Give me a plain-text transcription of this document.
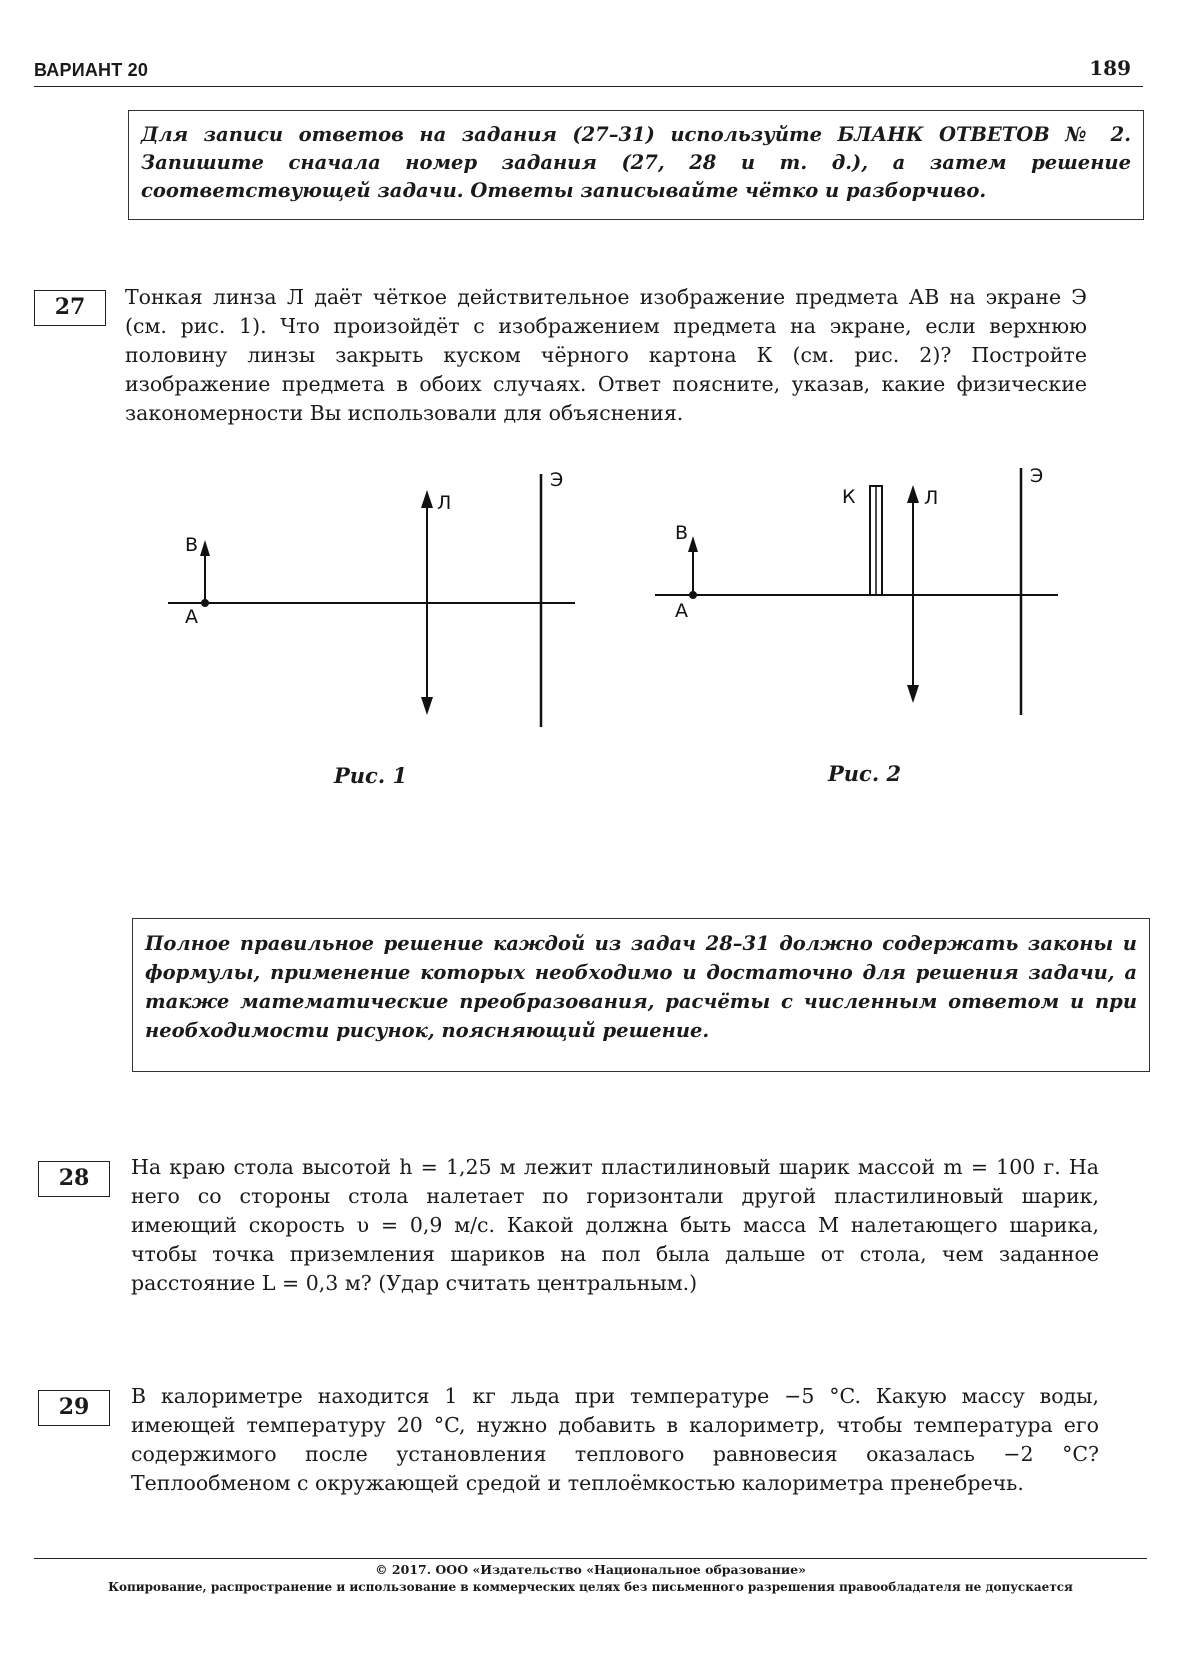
ВАРИАНТ 20	189
Для записи ответов на задания (27–31) используйте БЛАНК ОТВЕТОВ № 2. Запишите сначала номер задания (27, 28 и т. д.), а затем решение соответствующей задачи. Ответы записывайте чётко и разборчиво.
27	Тонкая линза Л даёт чёткое действительное изображение предмета АВ на экране Э (см. рис. 1). Что произойдёт с изображением предмета на экране, если верхнюю половину линзы закрыть куском чёрного картона К (см. рис. 2)? Постройте изображение предмета в обоих случаях. Ответ поясните, указав, какие физические закономерности Вы использовали для объяснения.
В
А
Л
Э
В
А
К	Л
Э
Рис. 1	Рис. 2
Полное правильное решение каждой из задач 28–31 должно содержать законы и формулы, применение которых необходимо и достаточно для решения задачи, а также математические преобразования, расчёты с численным ответом и при необходимости рисунок, поясняющий решение.
28	На краю стола высотой h = 1,25 м лежит пластилиновый шарик массой m = 100 г. На него со стороны стола налетает по горизонтали другой пластилиновый шарик, имеющий скорость υ = 0,9 м/с. Какой должна быть масса M налетающего шарика, чтобы точка приземления шариков на пол была дальше от стола, чем заданное расстояние L = 0,3 м? (Удар считать центральным.)
29	В калориметре находится 1 кг льда при температуре −5 °C. Какую массу воды, имеющей температуру 20 °C, нужно добавить в калориметр, чтобы температура его содержимого после установления теплового равновесия оказалась −2 °C? Теплообменом с окружающей средой и теплоёмкостью калориметра пренебречь.
© 2017. ООО «Издательство «Национальное образование»
Копирование, распространение и использование в коммерческих целях без письменного разрешения правообладателя не допускается
